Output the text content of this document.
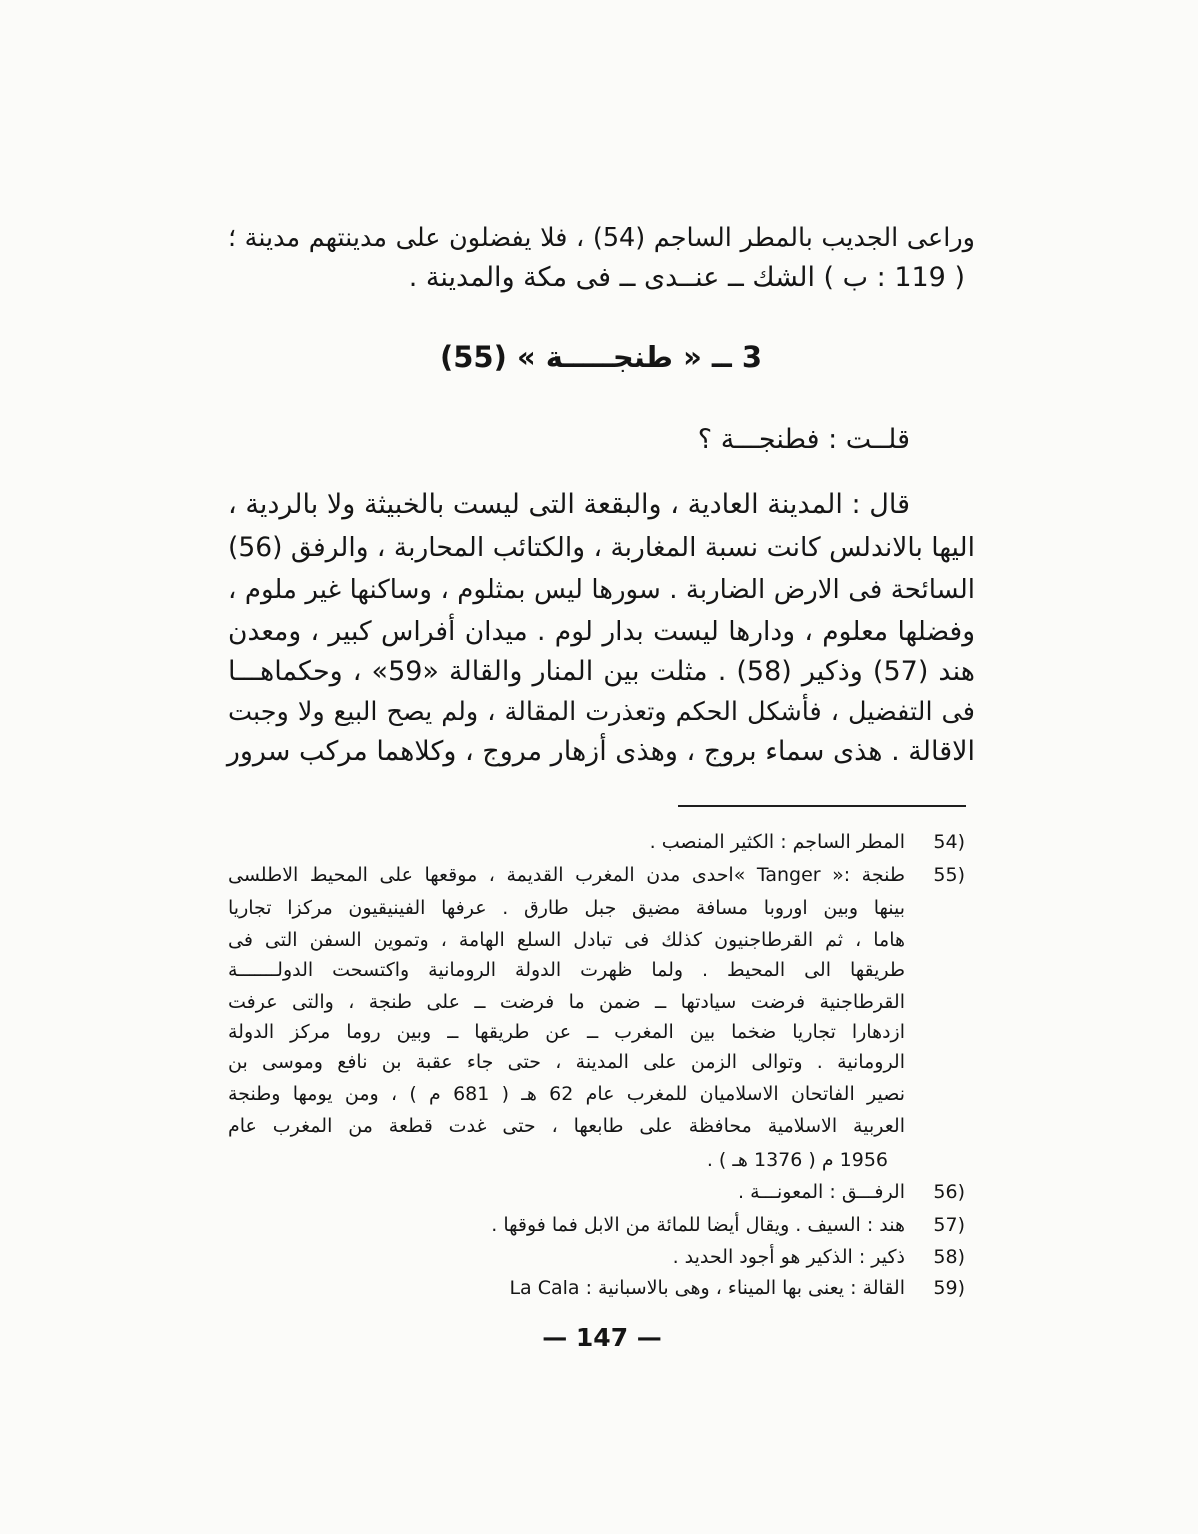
وراعى الجديب بالمطر الساجم (54) ، فلا يفضلون على مدينتهم مدينة ؛
( 119 : ب ) الشك ــ عنــدى ــ فى مكة والمدينة .
3 ــ « طنجـــــة » (55)
قلــت : فطنجـــة ؟
قال : المدينة العادية ، والبقعة التى ليست بالخبيثة ولا بالردية ،
اليها بالاندلس كانت نسبة المغاربة ، والكتائب المحاربة ، والرفق (56)
السائحة فى الارض الضاربة . سورها ليس بمثلوم ، وساكنها غير ملوم ،
وفضلها معلوم ، ودارها ليست بدار لوم . ميدان أفراس كبير ، ومعدن
هند (57) وذكير (58) . مثلت بين المنار والقالة «59» ، وحكماهـــا
فى التفضيل ، فأشكل الحكم وتعذرت المقالة ، ولم يصح البيع ولا وجبت
الاقالة . هذى سماء بروج ، وهذى أزهار مروج ، وكلاهما مركب سرور
54)
المطر الساجم : الكثير المنصب .
55)
طنجة :« Tanger »احدى مدن المغرب القديمة ، موقعها على المحيط الاطلسى
بينها وبين اوروبا مسافة مضيق جبل طارق . عرفها الفينيقيون مركزا تجاريا
هاما ، ثم القرطاجنيون كذلك فى تبادل السلع الهامة ، وتموين السفن التى فى
طريقها الى المحيط . ولما ظهرت الدولة الرومانية واكتسحت الدولـــــــة
القرطاجنية فرضت سيادتها ــ ضمن ما فرضت ــ على طنجة ، والتى عرفت
ازدهارا تجاريا ضخما بين المغرب ــ عن طريقها ــ وبين روما مركز الدولة
الرومانية . وتوالى الزمن على المدينة ، حتى جاء عقبة بن نافع وموسى بن
نصير الفاتحان الاسلاميان للمغرب عام 62 هـ ( 681 م ) ، ومن يومها وطنجة
العربية الاسلامية محافظة على طابعها ، حتى غدت قطعة من المغرب عام
1956 م ( 1376 هـ ) .
56)
الرفـــق : المعونـــة .
57)
هند : السيف . ويقال أيضا للمائة من الابل فما فوقها .
58)
ذكير : الذكير هو أجود الحديد .
59)
القالة : يعنى بها الميناء ، وهى بالاسبانية : La Cala
— 147 —
